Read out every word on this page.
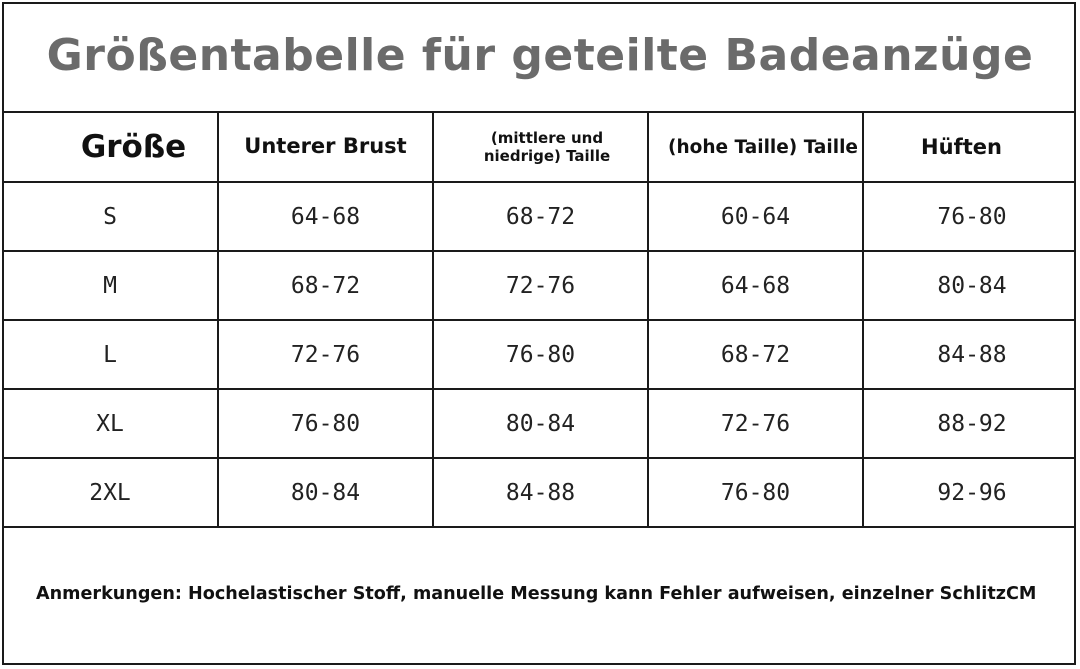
Größentabelle für geteilte Badeanzüge
Größe	Unterer Brust	(mittlere und niedrige) Taille	(hohe Taille) Taille	Hüften
S	64-68	68-72	60-64	76-80
M	68-72	72-76	64-68	80-84
L	72-76	76-80	68-72	84-88
XL	76-80	80-84	72-76	88-92
2XL	80-84	84-88	76-80	92-96
Anmerkungen: Hochelastischer Stoff, manuelle Messung kann Fehler aufweisen, einzelner SchlitzCM
